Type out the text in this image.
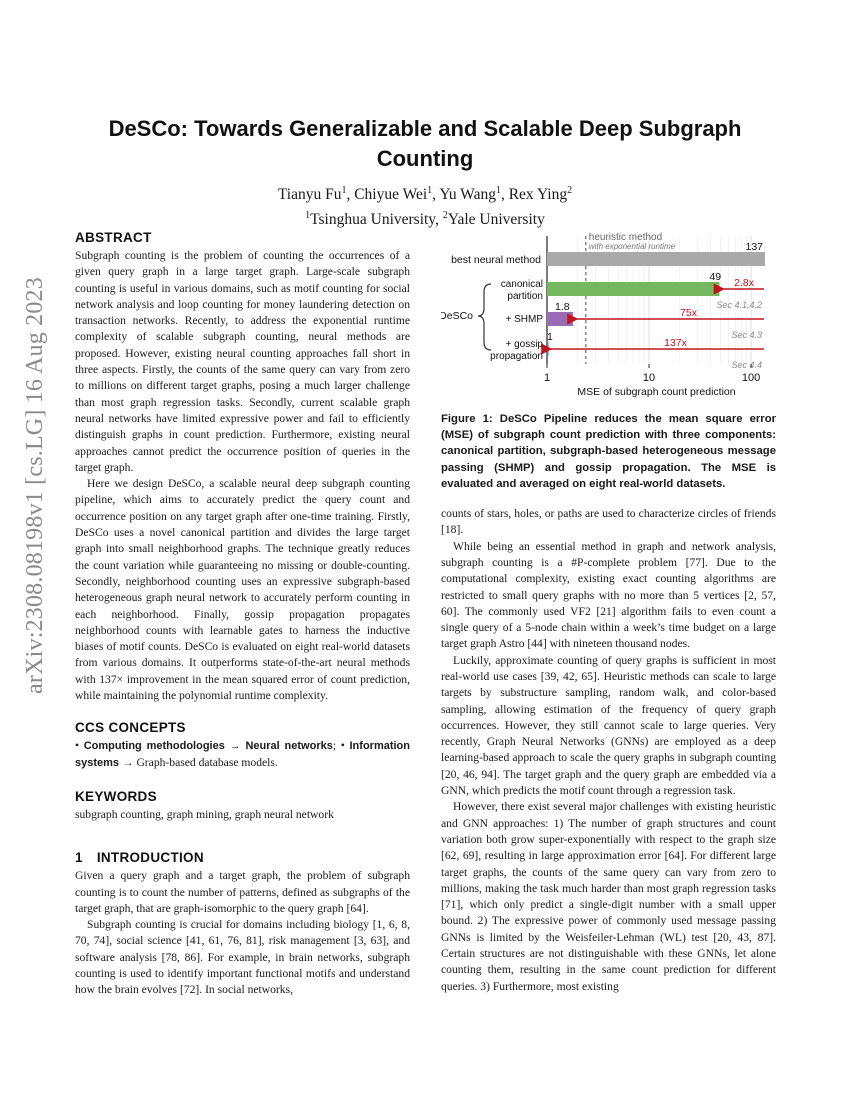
arXiv:2308.08198v1 [cs.LG] 16 Aug 2023
DeSCo: Towards Generalizable and Scalable Deep Subgraph Counting
Tianyu Fu$^1$, Chiyue Wei$^1$, Yu Wang$^1$, Rex Ying$^2$
$^1$Tsinghua University, $^2$Yale University
ABSTRACT

Subgraph counting is the problem of counting the occurrences of a given query graph in a large target graph. Large-scale subgraph counting is useful in various domains, such as motif counting for social network analysis and loop counting for money laundering detection on transaction networks. Recently, to address the exponential runtime complexity of scalable subgraph counting, neural methods are proposed. However, existing neural counting approaches fall short in three aspects. Firstly, the counts of the same query can vary from zero to millions on different target graphs, posing a much larger challenge than most graph regression tasks. Secondly, current scalable graph neural networks have limited expressive power and fail to efficiently distinguish graphs in count prediction. Furthermore, existing neural approaches cannot predict the occurrence position of queries in the target graph.

Here we design DeSCo, a scalable neural deep subgraph counting pipeline, which aims to accurately predict the query count and occurrence position on any target graph after one-time training. Firstly, DeSCo uses a novel canonical partition and divides the large target graph into small neighborhood graphs. The technique greatly reduces the count variation while guaranteeing no missing or double-counting. Secondly, neighborhood counting uses an expressive subgraph-based heterogeneous graph neural network to accurately perform counting in each neighborhood. Finally, gossip propagation propagates neighborhood counts with learnable gates to harness the inductive biases of motif counts. DeSCo is evaluated on eight real-world datasets from various domains. It outperforms state-of-the-art neural methods with 137× improvement in the mean squared error of count prediction, while maintaining the polynomial runtime complexity.

CCS CONCEPTS

• Computing methodologies → Neural networks; • Information systems → Graph-based database models.

KEYWORDS

subgraph counting, graph mining, graph neural network

1 INTRODUCTION

Given a query graph and a target graph, the problem of subgraph counting is to count the number of patterns, defined as subgraphs of the target graph, that are graph-isomorphic to the query graph [64].

Subgraph counting is crucial for domains including biology [1, 6, 8, 70, 74], social science [41, 61, 76, 81], risk management [3, 63], and software analysis [78, 86]. For example, in brain networks, subgraph counting is used to identify important functional motifs and understand how the brain evolves [72]. In social networks,

heuristic method
with exponential runtime	137
49 2.8x
Sec 4.1,4.2
1.8	75x
Sec 4.3
1	137x
Sec 4.4
best neural method
canonical
partition
+ SHMP
+ gossip
propagation
DeSCo
1	10	100
MSE of subgraph count prediction
Figure 1: DeSCo Pipeline reduces the mean square error (MSE) of subgraph count prediction with three components: canonical partition, subgraph-based heterogeneous message passing (SHMP) and gossip propagation. The MSE is evaluated and averaged on eight real-world datasets.

counts of stars, holes, or paths are used to characterize circles of friends [18].

While being an essential method in graph and network analysis, subgraph counting is a #P-complete problem [77]. Due to the computational complexity, existing exact counting algorithms are restricted to small query graphs with no more than 5 vertices [2, 57, 60]. The commonly used VF2 [21] algorithm fails to even count a single query of a 5-node chain within a week’s time budget on a large target graph Astro [44] with nineteen thousand nodes.

Luckily, approximate counting of query graphs is sufficient in most real-world use cases [39, 42, 65]. Heuristic methods can scale to large targets by substructure sampling, random walk, and color-based sampling, allowing estimation of the frequency of query graph occurrences. However, they still cannot scale to large queries. Very recently, Graph Neural Networks (GNNs) are employed as a deep learning-based approach to scale the query graphs in subgraph counting [20, 46, 94]. The target graph and the query graph are embedded via a GNN, which predicts the motif count through a regression task.

However, there exist several major challenges with existing heuristic and GNN approaches: 1) The number of graph structures and count variation both grow super-exponentially with respect to the graph size [62, 69], resulting in large approximation error [64]. For different large target graphs, the counts of the same query can vary from zero to millions, making the task much harder than most graph regression tasks [71], which only predict a single-digit number with a small upper bound. 2) The expressive power of commonly used message passing GNNs is limited by the Weisfeiler-Lehman (WL) test [20, 43, 87]. Certain structures are not distinguishable with these GNNs, let alone counting them, resulting in the same count prediction for different queries. 3) Furthermore, most existing
